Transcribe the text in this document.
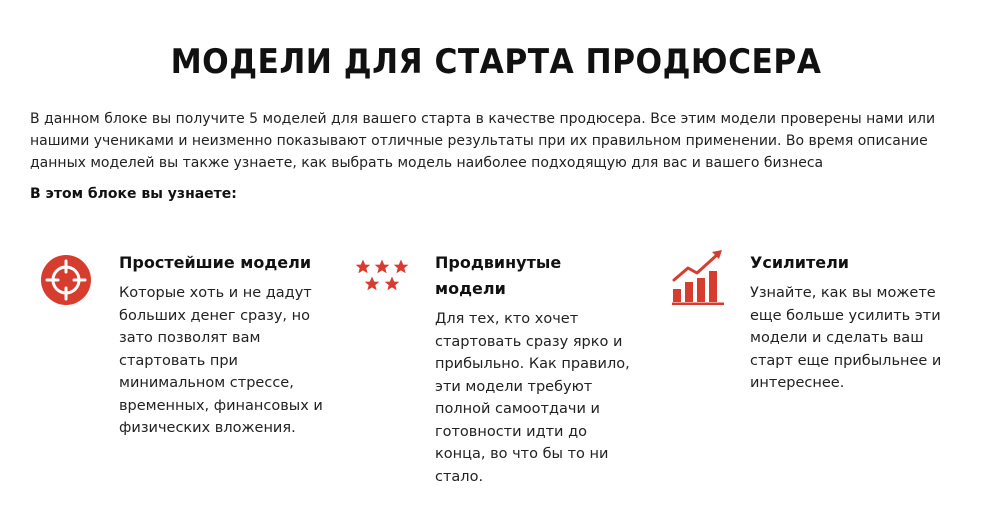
МОДЕЛИ ДЛЯ СТАРТА ПРОДЮСЕРА

В данном блоке вы получите 5 моделей для вашего старта в качестве продюсера. Все этим модели проверены нами или нашими учениками и неизменно показывают отличные результаты при их правильном применении. Во время описание данных моделей вы также узнаете, как выбрать модель наиболее подходящую для вас и вашего бизнеса

В этом блоке вы узнаете:
Простейшие модели

Которые хоть и не дадут больших денег сразу, но зато позволят вам стартовать при минимальном стрессе, временных, финансовых и физических вложения.

Продвинутые модели

Для тех, кто хочет стартовать сразу ярко и прибыльно. Как правило, эти модели требуют полной самоотдачи и готовности идти до конца, во что бы то ни стало.

Усилители

Узнайте, как вы можете еще больше усилить эти модели и сделать ваш старт еще прибыльнее и интереснее.
